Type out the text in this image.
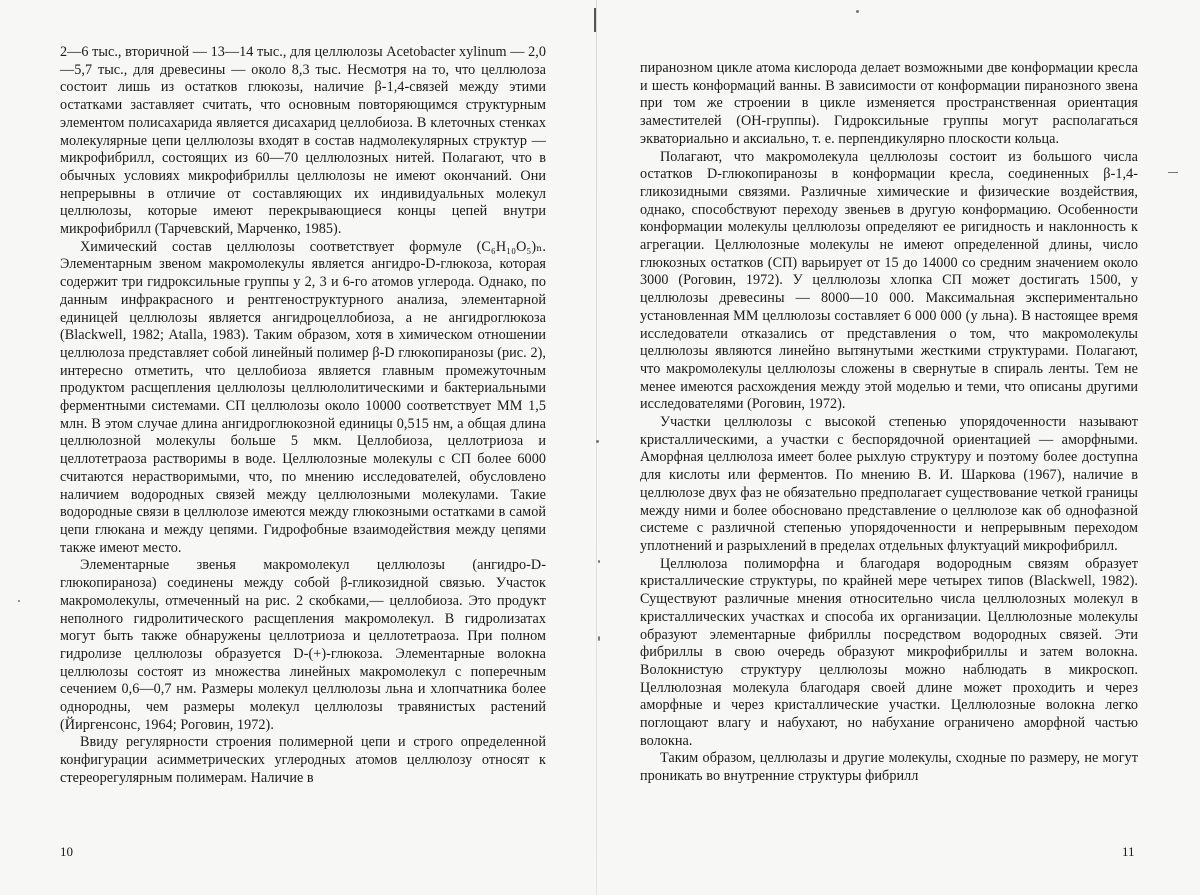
2—6 тыс., вторичной — 13—14 тыс., для целлюлозы Acetobacter xylinum — 2,0—5,7 тыс., для древесины — около 8,3 тыс. Несмотря на то, что целлюлоза состоит лишь из остатков глюкозы, наличие β-1,4-связей между этими остатками заставляет считать, что основным повторяющимся структурным элементом полисахарида является дисахарид целлобиоза. В клеточных стенках молекулярные цепи целлюлозы входят в состав надмолекулярных структур — микрофибрилл, состоящих из 60—70 целлюлозных нитей. Полагают, что в обычных условиях микрофибриллы целлюлозы не имеют окончаний. Они непрерывны в отличие от составляющих их индивидуальных молекул целлюлозы, которые имеют перекрывающиеся концы цепей внутри микрофибрилл (Тарчевский, Марченко, 1985).

Химический состав целлюлозы соответствует формуле (C₆H₁₀O₅)ₙ. Элементарным звеном макромолекулы является ангидро-D-глюкоза, которая содержит три гидроксильные группы у 2, 3 и 6-го атомов углерода. Однако, по данным инфракрасного и рентгеноструктурного анализа, элементарной единицей целлюлозы является ангидроцеллобиоза, а не ангидроглюкоза (Blackwell, 1982; Atalla, 1983). Таким образом, хотя в химическом отношении целлюлоза представляет собой линейный полимер β-D глюкопиранозы (рис. 2), интересно отметить, что целлобиоза является главным промежуточным продуктом расщепления целлюлозы целлюлолитическими и бактериальными ферментными системами. СП целлюлозы около 10000 соответствует ММ 1,5 млн. В этом случае длина ангидроглюкозной единицы 0,515 нм, а общая длина целлюлозной молекулы больше 5 мкм. Целлобиоза, целлотриоза и целлотетраоза растворимы в воде. Целлюлозные молекулы с СП более 6000 считаются нерастворимыми, что, по мнению исследователей, обусловлено наличием водородных связей между целлюлозными молекулами. Такие водородные связи в целлюлозе имеются между глюкозными остатками в самой цепи глюкана и между цепями. Гидрофобные взаимодействия между цепями также имеют место.

Элементарные звенья макромолекул целлюлозы (ангидро-D-глюкопираноза) соединены между собой β-гликозидной связью. Участок макромолекулы, отмеченный на рис. 2 скобками,— целлобиоза. Это продукт неполного гидролитического расщепления макромолекул. В гидролизатах могут быть также обнаружены целлотриоза и целлотетраоза. При полном гидролизе целлюлозы образуется D-(+)-глюкоза. Элементарные волокна целлюлозы состоят из множества линейных макромолекул с поперечным сечением 0,6—0,7 нм. Размеры молекул целлюлозы льна и хлопчатника более однородны, чем размеры молекул целлюлозы травянистых растений (Йиргенсонс, 1964; Роговин, 1972).

Ввиду регулярности строения полимерной цепи и строго определенной конфигурации асимметрических углеродных атомов целлюлозу относят к стереорегулярным полимерам. Наличие в

10

пиранозном цикле атома кислорода делает возможными две конформации кресла и шесть конформаций ванны. В зависимости от конформации пиранозного звена при том же строении в цикле изменяется пространственная ориентация заместителей (OH-группы). Гидроксильные группы могут располагаться экваториально и аксиально, т. е. перпендикулярно плоскости кольца.

Полагают, что макромолекула целлюлозы состоит из большого числа остатков D-глюкопиранозы в конформации кресла, соединенных β-1,4-гликозидными связями. Различные химические и физические воздействия, однако, способствуют переходу звеньев в другую конформацию. Особенности конформации молекулы целлюлозы определяют ее ригидность и наклонность к агрегации. Целлюлозные молекулы не имеют определенной длины, число глюкозных остатков (СП) варьирует от 15 до 14000 со средним значением около 3000 (Роговин, 1972). У целлюлозы хлопка СП может достигать 1500, у целлюлозы древесины — 8000—10 000. Максимальная экспериментально установленная ММ целлюлозы составляет 6 000 000 (у льна). В настоящее время исследователи отказались от представления о том, что макромолекулы целлюлозы являются линейно вытянутыми жесткими структурами. Полагают, что макромолекулы целлюлозы сложены в свернутые в спираль ленты. Тем не менее имеются расхождения между этой моделью и теми, что описаны другими исследователями (Роговин, 1972).

Участки целлюлозы с высокой степенью упорядоченности называют кристаллическими, а участки с беспорядочной ориентацией — аморфными. Аморфная целлюлоза имеет более рыхлую структуру и поэтому более доступна для кислоты или ферментов. По мнению В. И. Шаркова (1967), наличие в целлюлозе двух фаз не обязательно предполагает существование четкой границы между ними и более обосновано представление о целлюлозе как об однофазной системе с различной степенью упорядоченности и непрерывным переходом уплотнений и разрыхлений в пределах отдельных флуктуаций микрофибрилл.

Целлюлоза полиморфна и благодаря водородным связям образует кристаллические структуры, по крайней мере четырех типов (Blackwell, 1982). Существуют различные мнения относительно числа целлюлозных молекул в кристаллических участках и способа их организации. Целлюлозные молекулы образуют элементарные фибриллы посредством водородных связей. Эти фибриллы в свою очередь образуют микрофибриллы и затем волокна. Волокнистую структуру целлюлозы можно наблюдать в микроскоп. Целлюлозная молекула благодаря своей длине может проходить и через аморфные и через кристаллические участки. Целлюлозные волокна легко поглощают влагу и набухают, но набухание ограничено аморфной частью волокна.

Таким образом, целлюлазы и другие молекулы, сходные по размеру, не могут проникать во внутренние структуры фибрилл

11
